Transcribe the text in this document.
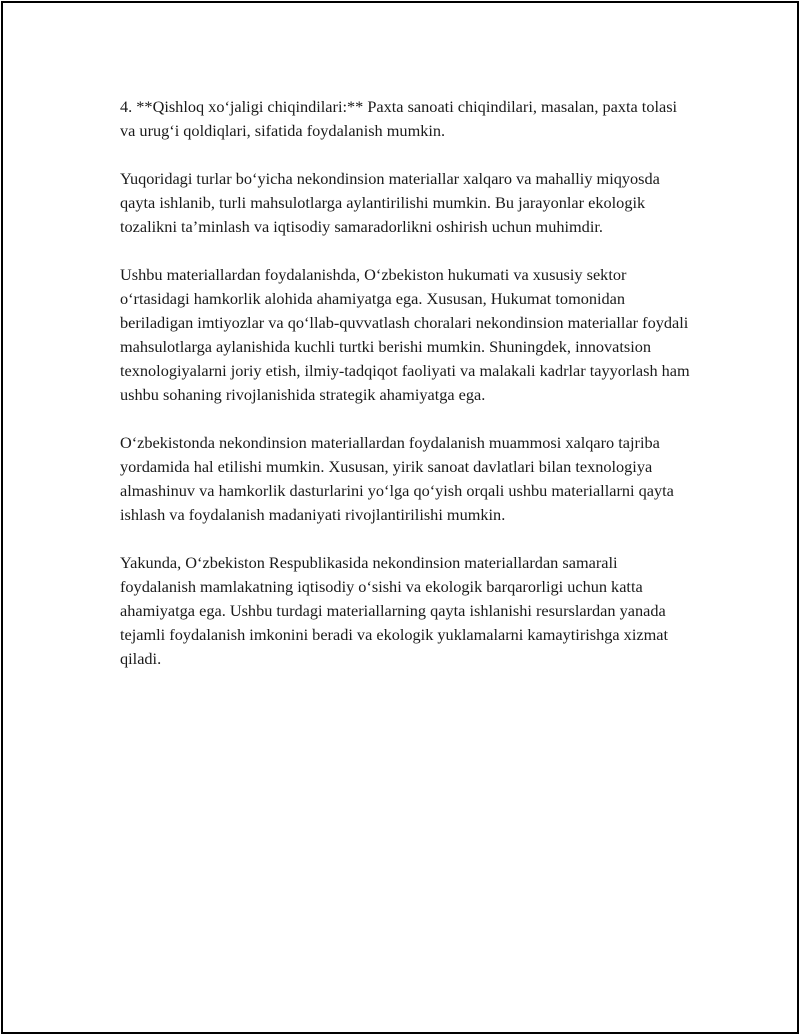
4. **Qishloq xo‘jaligi chiqindilari:** Paxta sanoati chiqindilari, masalan, paxta tolasi va urug‘i qoldiqlari, sifatida foydalanish mumkin.

Yuqoridagi turlar bo‘yicha nekondinsion materiallar xalqaro va mahalliy miqyosda qayta ishlanib, turli mahsulotlarga aylantirilishi mumkin. Bu jarayonlar ekologik tozalikni ta’minlash va iqtisodiy samaradorlikni oshirish uchun muhimdir.

Ushbu materiallardan foydalanishda, O‘zbekiston hukumati va xususiy sektor o‘rtasidagi hamkorlik alohida ahamiyatga ega. Xususan, Hukumat tomonidan beriladigan imtiyozlar va qo‘llab-quvvatlash choralari nekondinsion materiallar foydali mahsulotlarga aylanishida kuchli turtki berishi mumkin. Shuningdek, innovatsion texnologiyalarni joriy etish, ilmiy-tadqiqot faoliyati va malakali kadrlar tayyorlash ham ushbu sohaning rivojlanishida strategik ahamiyatga ega.

O‘zbekistonda nekondinsion materiallardan foydalanish muammosi xalqaro tajriba yordamida hal etilishi mumkin. Xususan, yirik sanoat davlatlari bilan texnologiya almashinuv va hamkorlik dasturlarini yo‘lga qo‘yish orqali ushbu materiallarni qayta ishlash va foydalanish madaniyati rivojlantirilishi mumkin.

Yakunda, O‘zbekiston Respublikasida nekondinsion materiallardan samarali foydalanish mamlakatning iqtisodiy o‘sishi va ekologik barqarorligi uchun katta ahamiyatga ega. Ushbu turdagi materiallarning qayta ishlanishi resurslardan yanada tejamli foydalanish imkonini beradi va ekologik yuklamalarni kamaytirishga xizmat qiladi.
